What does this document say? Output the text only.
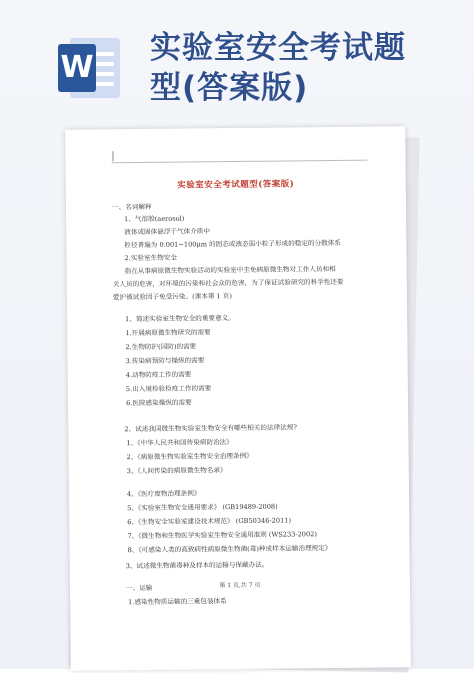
W
实验室安全考试题
型(答案版)
实验室安全考试题型(答案版)
一、名词解释
1、气溶胶(aerosol)
液体或固体悬浮于气体介质中
粒径普遍为 0.001~100μm 的固态或液态弱小粒子形成的稳定的分散体系
2.实验室生物安全
指在从事病原微生物实验活动的实验室中圭免病原微生物对工作人员和相
关人员的危害，对环境的污染和社会众的危害，为了保证试验研究的科学性还要
爱护被试验因子免受污染。(课本第 1 页)
1、简述实验室生物安全的重要意义。
1.开展病原微生物研究的需要
2.生物防护(国防)的需要
3.传染病预防与操纵的需要
4.动物防疫工作的需要
5.出入境检验检疫工作的需要
6.医院感染操纵的需要
2、试述我国微生物实验室生物安全有哪些相关的法律法规?
1、《中华人民共和国传染病防治法》
2、《病原微生物实验室生物安全治理条例》
3、《人间传染的病原微生物名录》
4、《医疗废物治理条例》
5、《实验室生物安全通用要求》 (GB19489-2008)
6、《生物安全实验室建设技术规范》 (GB50346-2011)
7、《微生物和生物医学实验室生物安全通用准则 (WS233-2002)
8、《可感染人类的高致病性病原微生物菌(毒)种或样本运输治理规定》
3、试述微生物菌毒种及样本的运输与保藏办法。
一、运输
1.感染性物质运输的三重包装体系
第 1 页,共 7 页
